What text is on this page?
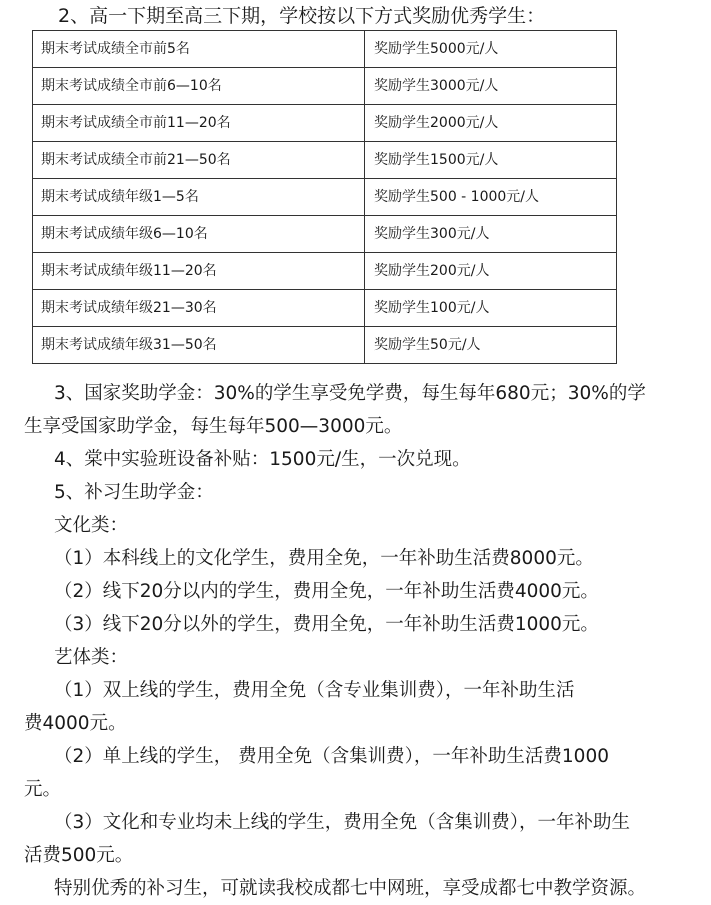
2、高一下期至高三下期，学校按以下方式奖励优秀学生：
期末考试成绩全市前5名	奖励学生5000元/人
期末考试成绩全市前6—10名	奖励学生3000元/人
期末考试成绩全市前11—20名	奖励学生2000元/人
期末考试成绩全市前21—50名	奖励学生1500元/人
期末考试成绩年级1—5名	奖励学生500 - 1000元/人
期末考试成绩年级6—10名	奖励学生300元/人
期末考试成绩年级11—20名	奖励学生200元/人
期末考试成绩年级21—30名	奖励学生100元/人
期末考试成绩年级31—50名	奖励学生50元/人

3、国家奖助学金：30%的学生享受免学费，每生每年680元；30%的学

生享受国家助学金，每生每年500—3000元。

4、棠中实验班设备补贴：1500元/生，一次兑现。

5、补习生助学金：

文化类：

（1）本科线上的文化学生，费用全免，一年补助生活费8000元。

（2）线下20分以内的学生，费用全免，一年补助生活费4000元。

（3）线下20分以外的学生，费用全免，一年补助生活费1000元。

艺体类：

（1）双上线的学生，费用全免（含专业集训费），一年补助生活

费4000元。

（2）单上线的学生， 费用全免（含集训费），一年补助生活费1000

元。

（3）文化和专业均未上线的学生，费用全免（含集训费），一年补助生

活费500元。

特别优秀的补习生，可就读我校成都七中网班，享受成都七中教学资源。
